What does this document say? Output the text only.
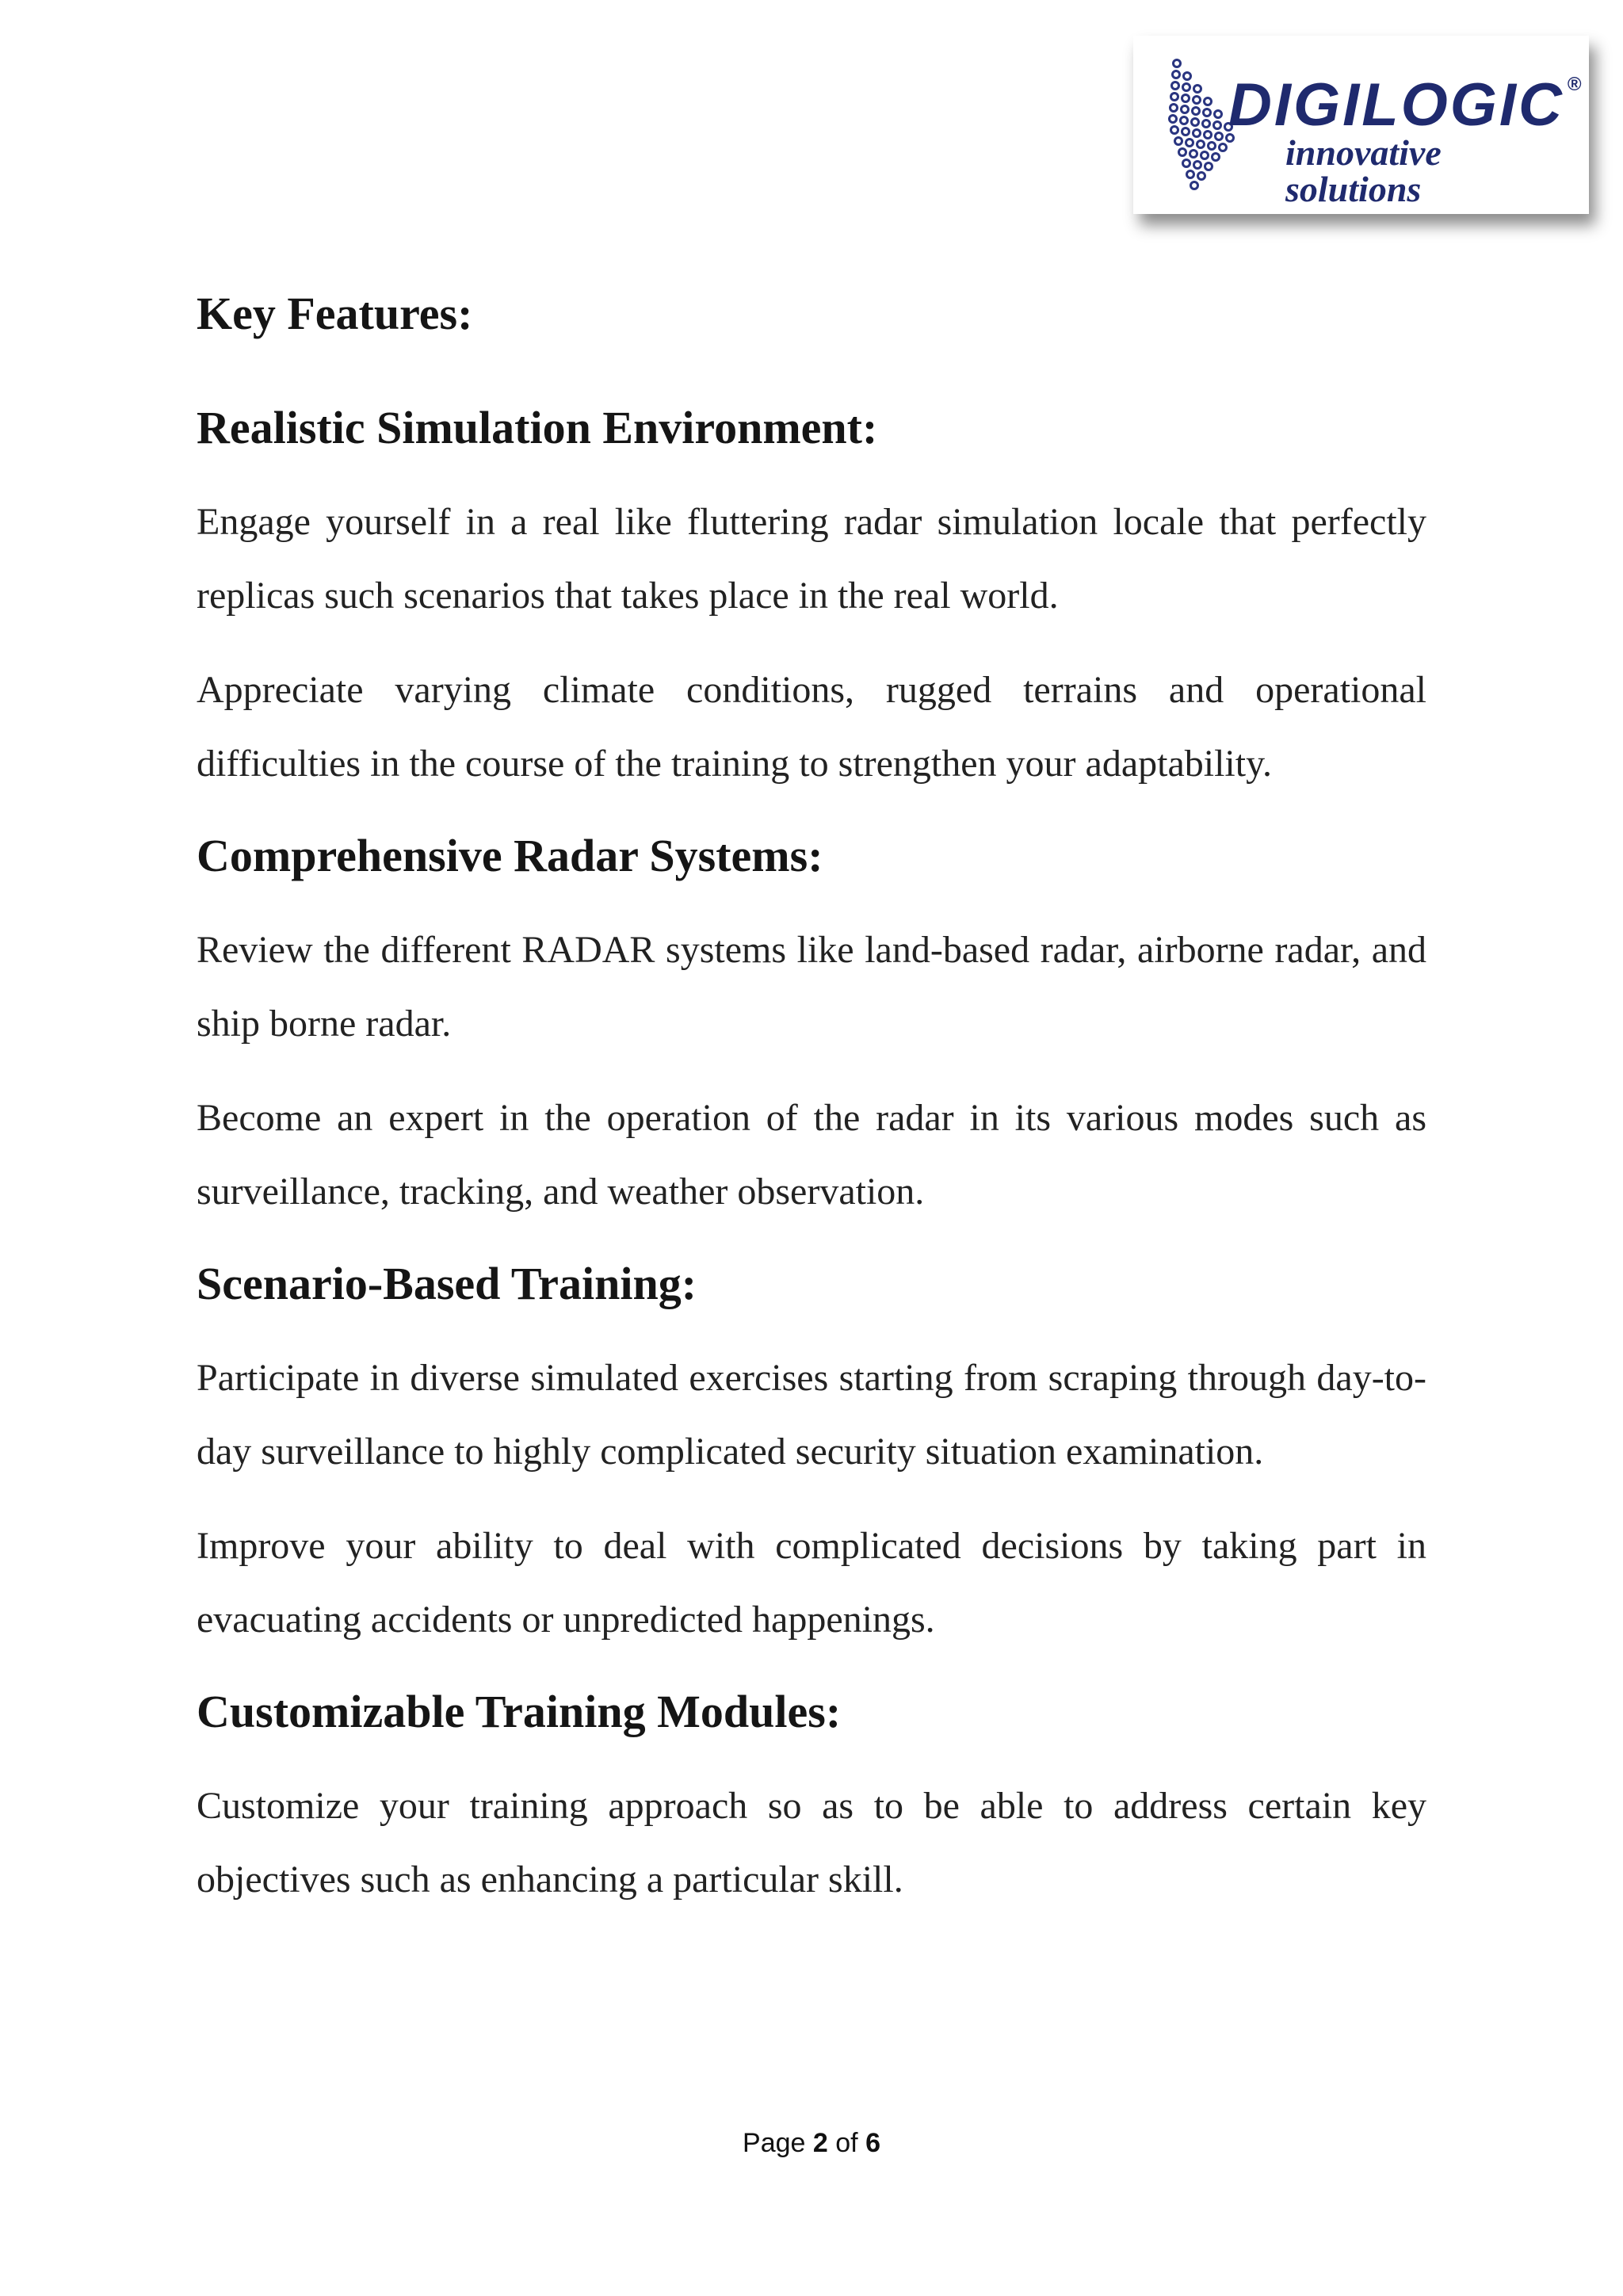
DIGILOGIC ®
innovative solutions
Key Features:
Realistic Simulation Environment:

Engage yourself in a real like fluttering radar simulation locale that perfectly replicas such scenarios that takes place in the real world.

Appreciate varying climate conditions, rugged terrains and operational difficulties in the course of the training to strengthen your adaptability.

Comprehensive Radar Systems:

Review the different RADAR systems like land-based radar, airborne radar, and ship borne radar.

Become an expert in the operation of the radar in its various modes such as surveillance, tracking, and weather observation.

Scenario-Based Training:

Participate in diverse simulated exercises starting from scraping through day-to-day surveillance to highly complicated security situation examination.

Improve your ability to deal with complicated decisions by taking part in evacuating accidents or unpredicted happenings.

Customizable Training Modules:

Customize your training approach so as to be able to address certain key objectives such as enhancing a particular skill.

Page 2 of 6
